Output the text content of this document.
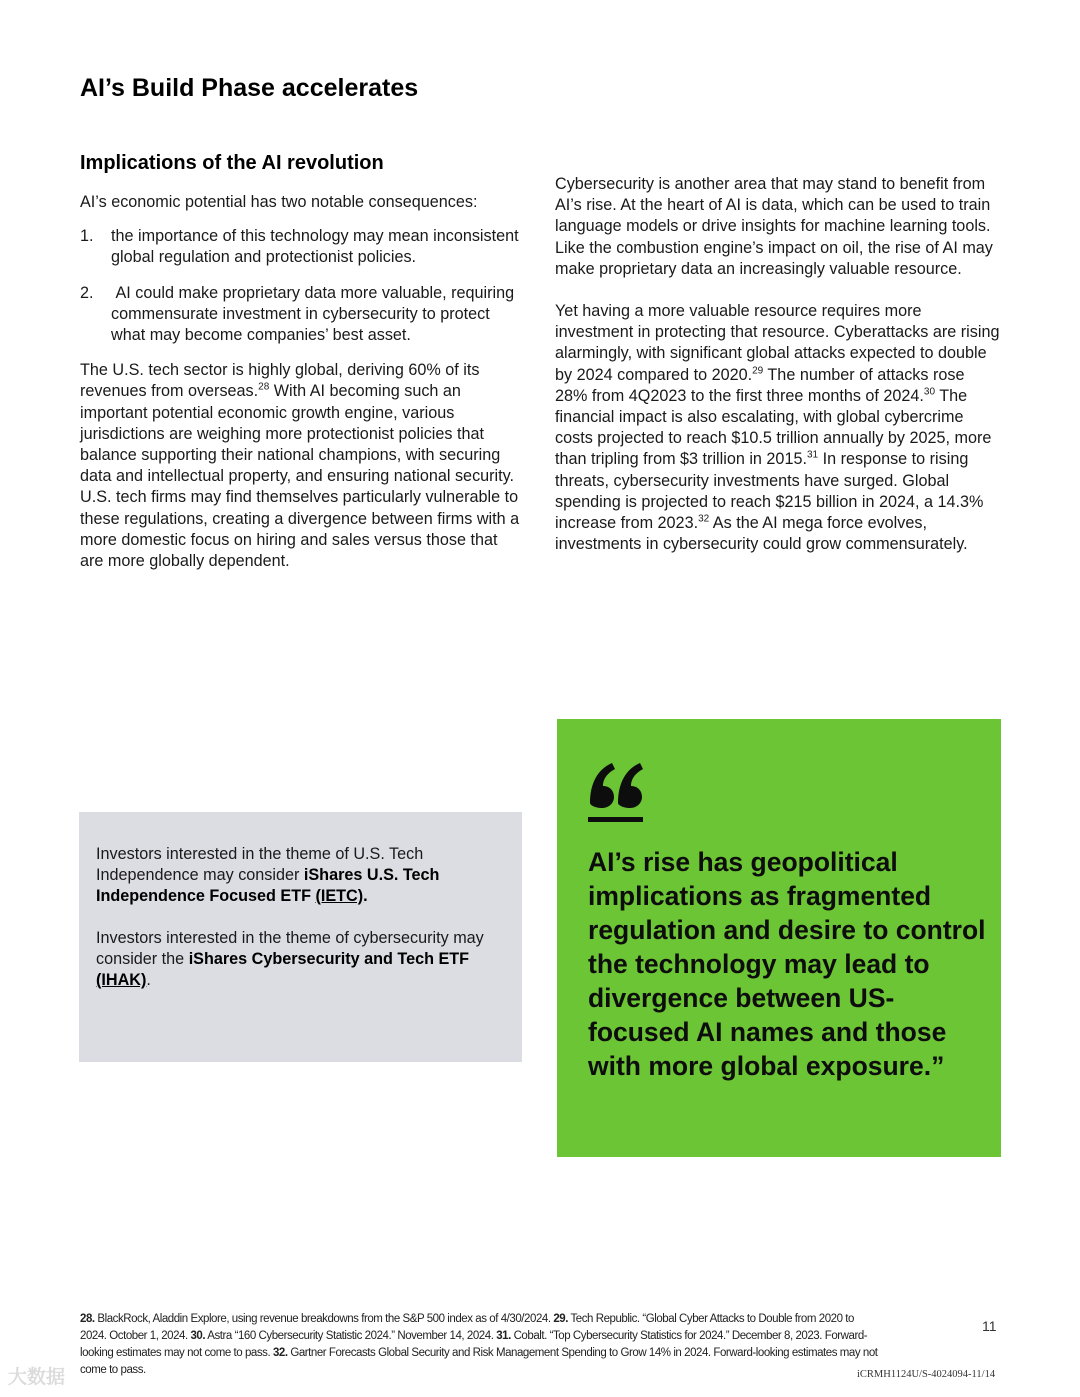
AI’s Build Phase accelerates
Implications of the AI revolution

AI’s economic potential has two notable consequences:

1.	the importance of this technology may mean inconsistent global regulation and protectionist policies.
2.	AI could make proprietary data more valuable, requiring commensurate investment in cybersecurity to protect what may become companies’ best asset.

The U.S. tech sector is highly global, deriving 60% of its revenues from overseas.$^{28}$ With AI becoming such an important potential economic growth engine, various jurisdictions are weighing more protectionist policies that balance supporting their national champions, with securing data and intellectual property, and ensuring national security. U.S. tech firms may find themselves particularly vulnerable to these regulations, creating a divergence between firms with a more domestic focus on hiring and sales versus those that are more globally dependent.

Cybersecurity is another area that may stand to benefit from AI’s rise. At the heart of AI is data, which can be used to train language models or drive insights for machine learning tools. Like the combustion engine’s impact on oil, the rise of AI may make proprietary data an increasingly valuable resource.

Yet having a more valuable resource requires more investment in protecting that resource. Cyberattacks are rising alarmingly, with significant global attacks expected to double by 2024 compared to 2020.29 The number of attacks rose 28% from 4Q2023 to the first three months of 2024.30 The financial impact is also escalating, with global cybercrime costs projected to reach $10.5 trillion annually by 2025, more than tripling from $3 trillion in 2015.31 In response to rising threats, cybersecurity investments have surged. Global spending is projected to reach $215 billion in 2024, a 14.3% increase from 2023.32 As the AI mega force evolves, investments in cybersecurity could grow commensurately.

Investors interested in the theme of U.S. Tech Independence may consider iShares U.S. Tech Independence Focused ETF (IETC).

Investors interested in the theme of cybersecurity may consider the iShares Cybersecurity and Tech ETF (IHAK).

AI’s rise has geopolitical implications as fragmented regulation and desire to control the technology may lead to divergence between US-focused AI names and those with more global exposure.”

28. BlackRock, Aladdin Explore, using revenue breakdowns from the S&P 500 index as of 4/30/2024. 29. Tech Republic. “Global Cyber Attacks to Double from 2020 to 2024. October 1, 2024. 30. Astra “160 Cybersecurity Statistic 2024.” November 14, 2024. 31. Cobalt. “Top Cybersecurity Statistics for 2024.” December 8, 2023. Forward-looking estimates may not come to pass. 32. Gartner Forecasts Global Security and Risk Management Spending to Grow 14% in 2024. Forward-looking estimates may not come to pass.

11
iCRMH1124U/S-4024094-11/14
大数据
